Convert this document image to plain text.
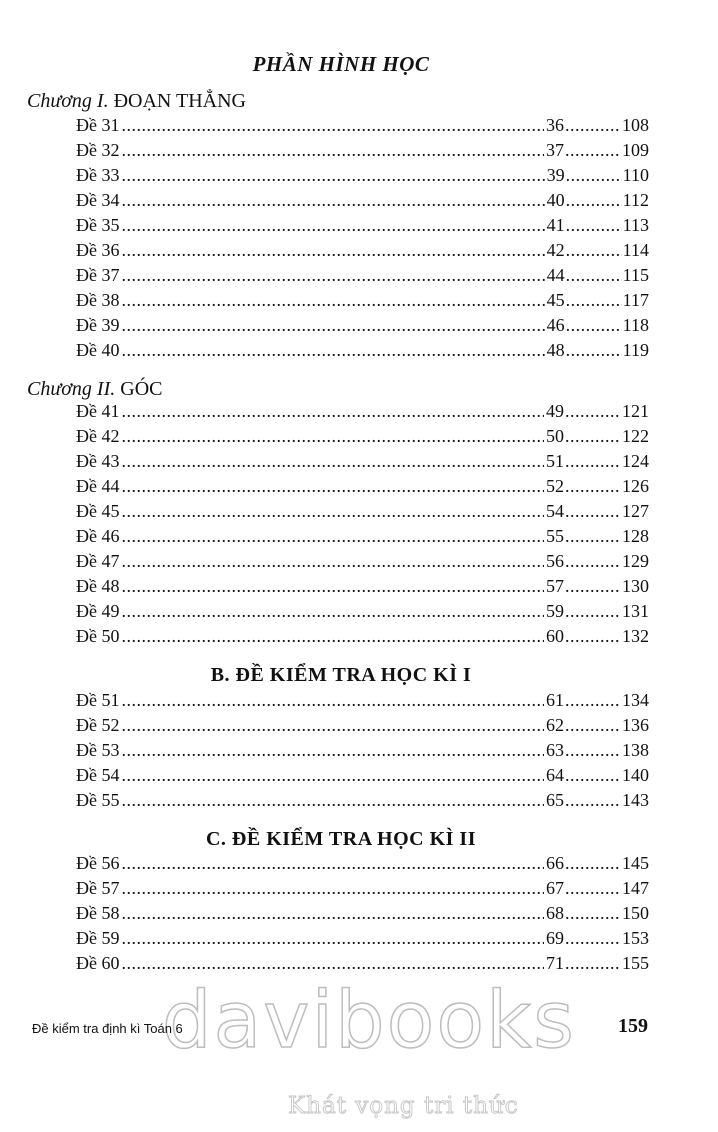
PHẦN HÌNH HỌC
Chương I. ĐOẠN THẲNG
Đề 31 .....	36 .....	108
Đề 32 .....	37 .....	109
Đề 33 .....	39 .....	110
Đề 34 .....	40 .....	112
Đề 35 .....	41 .....	113
Đề 36 .....	42 .....	114
Đề 37 .....	44 .....	115
Đề 38 .....	45 .....	117
Đề 39 .....	46 .....	118
Đề 40 .....	48 .....	119
Chương II. GÓC
Đề 41 .....	49 .....	121
Đề 42 .....	50 .....	122
Đề 43 .....	51 .....	124
Đề 44 .....	52 .....	126
Đề 45 .....	54 .....	127
Đề 46 .....	55 .....	128
Đề 47 .....	56 .....	129
Đề 48 .....	57 .....	130
Đề 49 .....	59 .....	131
Đề 50 .....	60 .....	132
B. ĐỀ KIỂM TRA HỌC KÌ I
Đề 51 .....	61 .....	134
Đề 52 .....	62 .....	136
Đề 53 .....	63 .....	138
Đề 54 .....	64 .....	140
Đề 55 .....	65 .....	143
C. ĐỀ KIỂM TRA HỌC KÌ II
Đề 56 .....	66 .....	145
Đề 57 .....	67 .....	147
Đề 58 .....	68 .....	150
Đề 59 .....	69 .....	153
Đề 60 .....	71 .....	155
davibooks
Khát vọng tri thức
Đề kiểm tra định kì Toán 6	159
